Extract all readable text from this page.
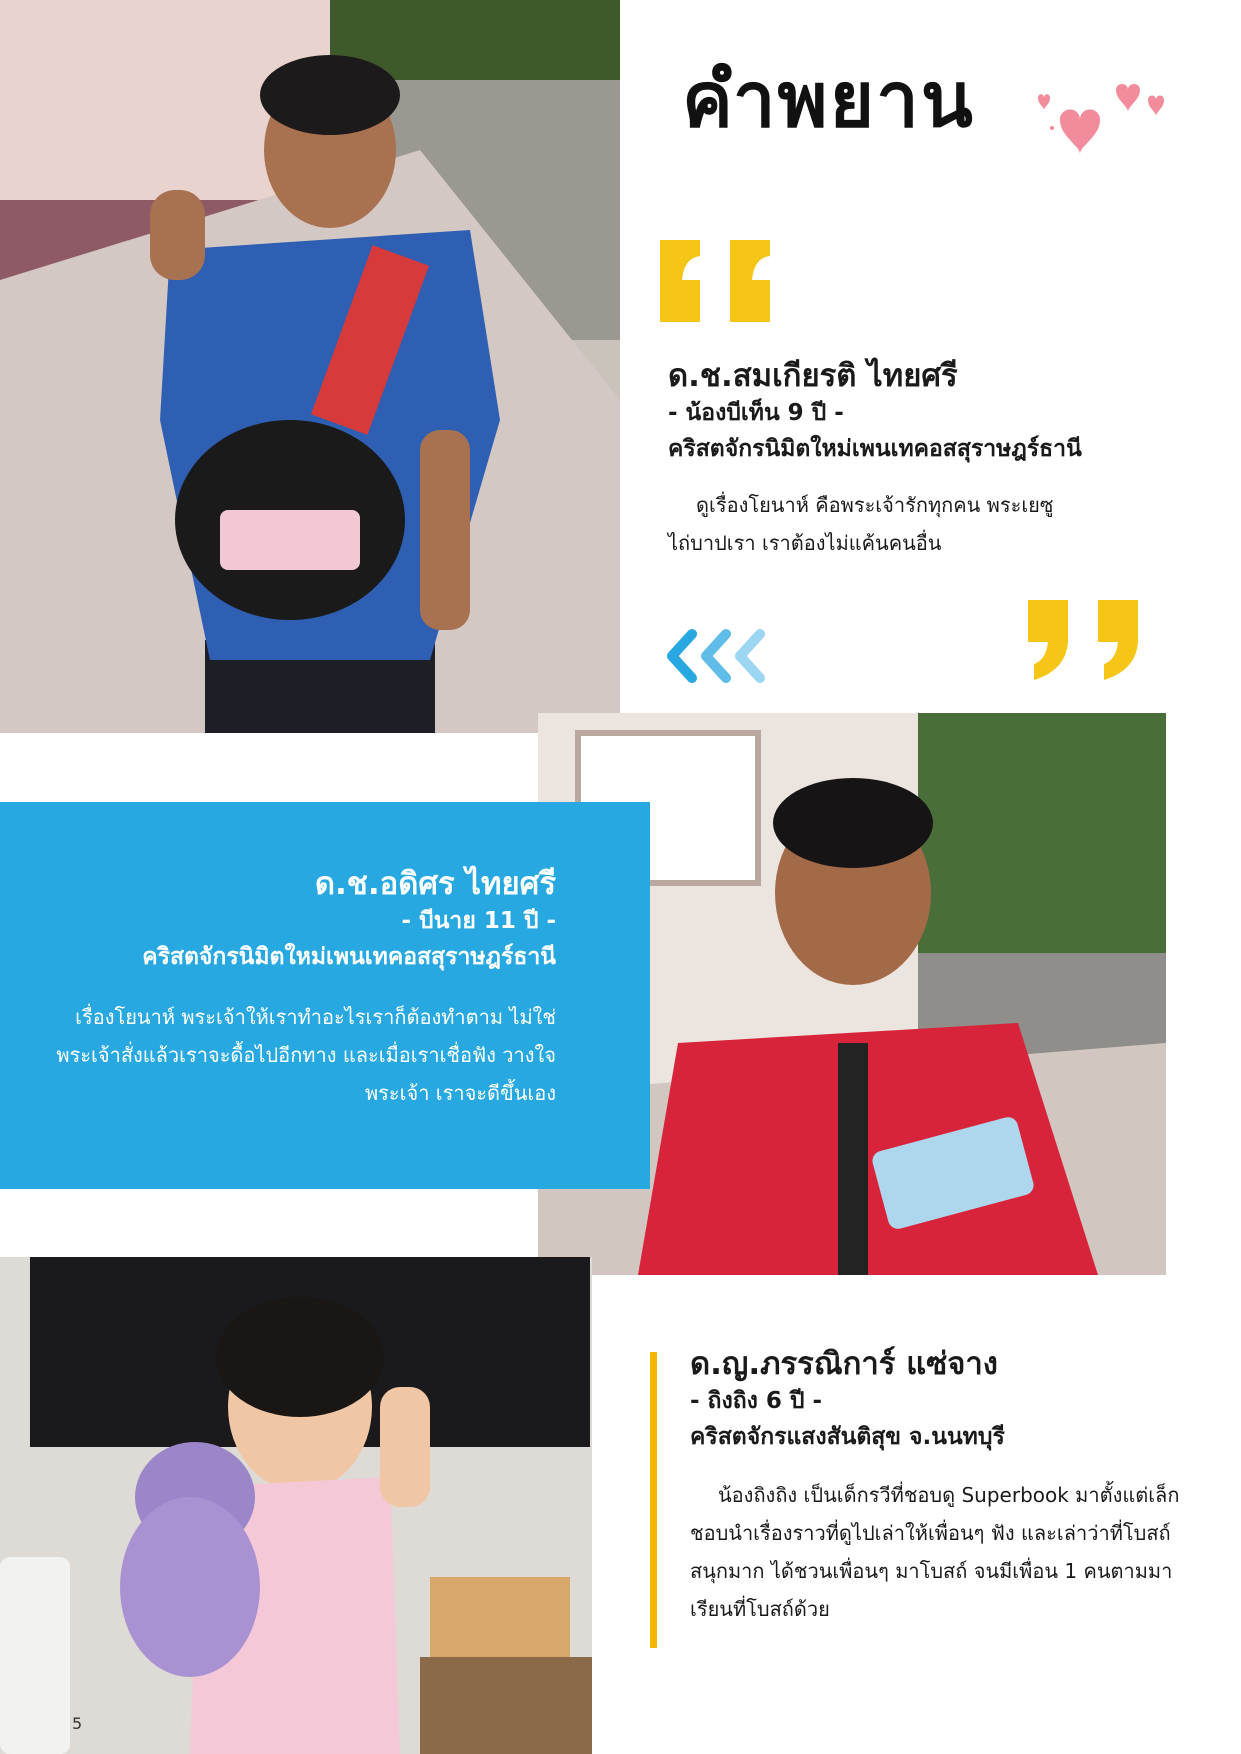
คำพยาน

ด.ช.สมเกียรติ ไทยศรี

- น้องบีเท็น 9 ปี -

คริสตจักรนิมิตใหม่เพนเทคอสสุราษฎร์ธานี

ดูเรื่องโยนาห์ คือพระเจ้ารักทุกคน พระเยซูไถ่บาปเรา เราต้องไม่แค้นคนอื่น

ด.ช.อดิศร ไทยศรี

- บีนาย 11 ปี -

คริสตจักรนิมิตใหม่เพนเทคอสสุราษฎร์ธานี

เรื่องโยนาห์ พระเจ้าให้เราทำอะไรเราก็ต้องทำตาม ไม่ใช่พระเจ้าสั่งแล้วเราจะดื้อไปอีกทาง และเมื่อเราเชื่อฟัง วางใจพระเจ้า เราจะดีขึ้นเอง

ด.ญ.ภรรณิการ์ แซ่จาง

- ถิงถิง 6 ปี -

คริสตจักรแสงสันติสุข จ.นนทบุรี

น้องถิงถิง เป็นเด็กรวีที่ชอบดู Superbook มาตั้งแต่เล็ก ชอบนำเรื่องราวที่ดูไปเล่าให้เพื่อนๆ ฟัง และเล่าว่าที่โบสถ์สนุกมาก ได้ชวนเพื่อนๆ มาโบสถ์ จนมีเพื่อน 1 คนตามมาเรียนที่โบสถ์ด้วย

5
